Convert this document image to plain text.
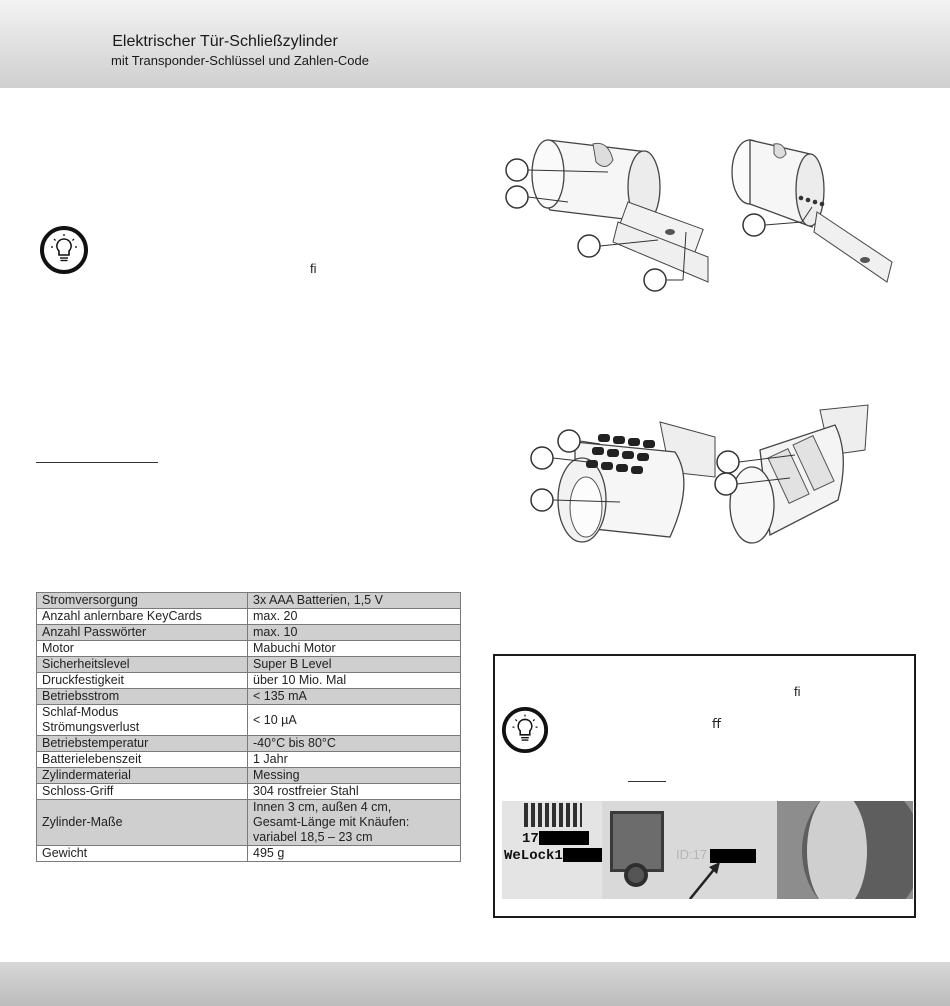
Elektrischer Tür-Schließzylinder
mit Transponder-Schlüssel und Zahlen-Code
ﬁ
Stromversorgung	3x AAA Batterien, 1,5 V
Anzahl anlernbare KeyCards	max. 20
Anzahl Passwörter	max. 10
Motor	Mabuchi Motor
Sicherheitslevel	Super B Level
Druckfestigkeit	über 10 Mio. Mal
Betriebsstrom	< 135 mA
Schlaf-Modus
Strömungsverlust	< 10 µA
Betriebstemperatur	-40°C bis 80°C
Batterielebenszeit	1 Jahr
Zylindermaterial	Messing
Schloss-Griff	304 rostfreier Stahl
Zylinder-Maße	Innen 3 cm, außen 4 cm,
Gesamt-Länge mit Knäufen:
variabel 18,5 – 23 cm
Gewicht	495 g
ﬁ
ﬀ
17
WeLock1	ID:17
